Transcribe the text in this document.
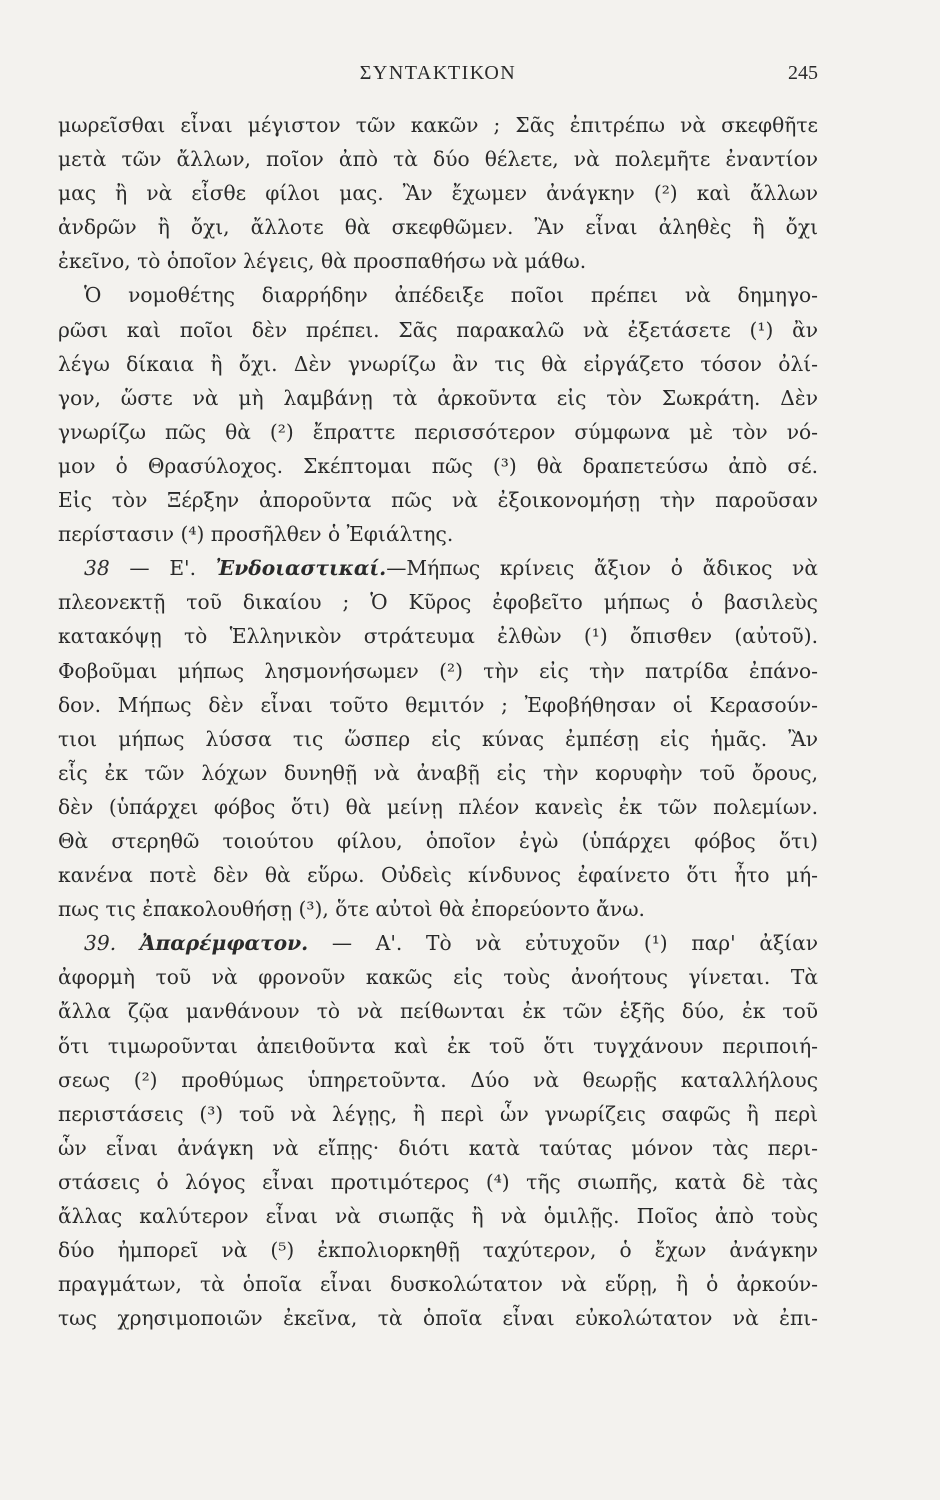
ΣΥΝΤΑΚΤΙΚΟΝ	245
μωρεῖσθαι εἶναι μέγιστον τῶν κακῶν ; Σᾶς ἐπιτρέπω νὰ σκεφθῆτε
μετὰ τῶν ἄλλων, ποῖον ἀπὸ τὰ δύο θέλετε, νὰ πολεμῆτε ἐναντίον
μας ἢ νὰ εἶσθε φίλοι μας. Ἂν ἔχωμεν ἀνάγκην (²) καὶ ἄλλων
ἀνδρῶν ἢ ὄχι, ἄλλοτε θὰ σκεφθῶμεν. Ἂν εἶναι ἀληθὲς ἢ ὄχι
ἐκεῖνο, τὸ ὁποῖον λέγεις, θὰ προσπαθήσω νὰ μάθω.
Ὁ νομοθέτης διαρρήδην ἀπέδειξε ποῖοι πρέπει νὰ δημηγο-
ρῶσι καὶ ποῖοι δὲν πρέπει. Σᾶς παρακαλῶ νὰ ἐξετάσετε (¹) ἂν
λέγω δίκαια ἢ ὄχι. Δὲν γνωρίζω ἂν τις θὰ εἰργάζετο τόσον ὀλί-
γον, ὥστε νὰ μὴ λαμβάνῃ τὰ ἀρκοῦντα εἰς τὸν Σωκράτη. Δὲν
γνωρίζω πῶς θὰ (²) ἔπραττε περισσότερον σύμφωνα μὲ τὸν νό-
μον ὁ Θρασύλοχος. Σκέπτομαι πῶς (³) θὰ δραπετεύσω ἀπὸ σέ.
Εἰς τὸν Ξέρξην ἀποροῦντα πῶς νὰ ἐξοικονομήσῃ τὴν παροῦσαν
περίστασιν (⁴) προσῆλθεν ὁ Ἐφιάλτης.
38 — Ε'. Ἐνδοιαστικαί.—Μήπως κρίνεις ἄξιον ὁ ἄδικος νὰ
πλεονεκτῇ τοῦ δικαίου ; Ὁ Κῦρος ἐφοβεῖτο μήπως ὁ βασιλεὺς
κατακόψῃ τὸ Ἑλληνικὸν στράτευμα ἐλθὼν (¹) ὄπισθεν (αὐτοῦ).
Φοβοῦμαι μήπως λησμονήσωμεν (²) τὴν εἰς τὴν πατρίδα ἐπάνο-
δον. Μήπως δὲν εἶναι τοῦτο θεμιτόν ; Ἐφοβήθησαν οἱ Κερασούν-
τιοι μήπως λύσσα τις ὥσπερ εἰς κύνας ἐμπέσῃ εἰς ἡμᾶς. Ἂν
εἷς ἐκ τῶν λόχων δυνηθῇ νὰ ἀναβῇ εἰς τὴν κορυφὴν τοῦ ὄρους,
δὲν (ὑπάρχει φόβος ὅτι) θὰ μείνῃ πλέον κανεὶς ἐκ τῶν πολεμίων.
Θὰ στερηθῶ τοιούτου φίλου, ὁποῖον ἐγὼ (ὑπάρχει φόβος ὅτι)
κανένα ποτὲ δὲν θὰ εὕρω. Οὐδεὶς κίνδυνος ἐφαίνετο ὅτι ἦτο μή-
πως τις ἐπακολουθήσῃ (³), ὅτε αὐτοὶ θὰ ἐπορεύοντο ἄνω.
39. Ἀπαρέμφατον. — Α'. Τὸ νὰ εὐτυχοῦν (¹) παρ' ἀξίαν
ἀφορμὴ τοῦ νὰ φρονοῦν κακῶς εἰς τοὺς ἀνοήτους γίνεται. Τὰ
ἄλλα ζῷα μανθάνουν τὸ νὰ πείθωνται ἐκ τῶν ἑξῆς δύο, ἐκ τοῦ
ὅτι τιμωροῦνται ἀπειθοῦντα καὶ ἐκ τοῦ ὅτι τυγχάνουν περιποιή-
σεως (²) προθύμως ὑπηρετοῦντα. Δύο νὰ θεωρῇς καταλλήλους
περιστάσεις (³) τοῦ νὰ λέγῃς, ἢ περὶ ὧν γνωρίζεις σαφῶς ἢ περὶ
ὧν εἶναι ἀνάγκη νὰ εἴπῃς· διότι κατὰ ταύτας μόνον τὰς περι-
στάσεις ὁ λόγος εἶναι προτιμότερος (⁴) τῆς σιωπῆς, κατὰ δὲ τὰς
ἄλλας καλύτερον εἶναι νὰ σιωπᾷς ἢ νὰ ὁμιλῇς. Ποῖος ἀπὸ τοὺς
δύο ἠμπορεῖ νὰ (⁵) ἐκπολιορκηθῇ ταχύτερον, ὁ ἔχων ἀνάγκην
πραγμάτων, τὰ ὁποῖα εἶναι δυσκολώτατον νὰ εὕρῃ, ἢ ὁ ἀρκούν-
τως χρησιμοποιῶν ἐκεῖνα, τὰ ὁποῖα εἶναι εὐκολώτατον νὰ ἐπι-
